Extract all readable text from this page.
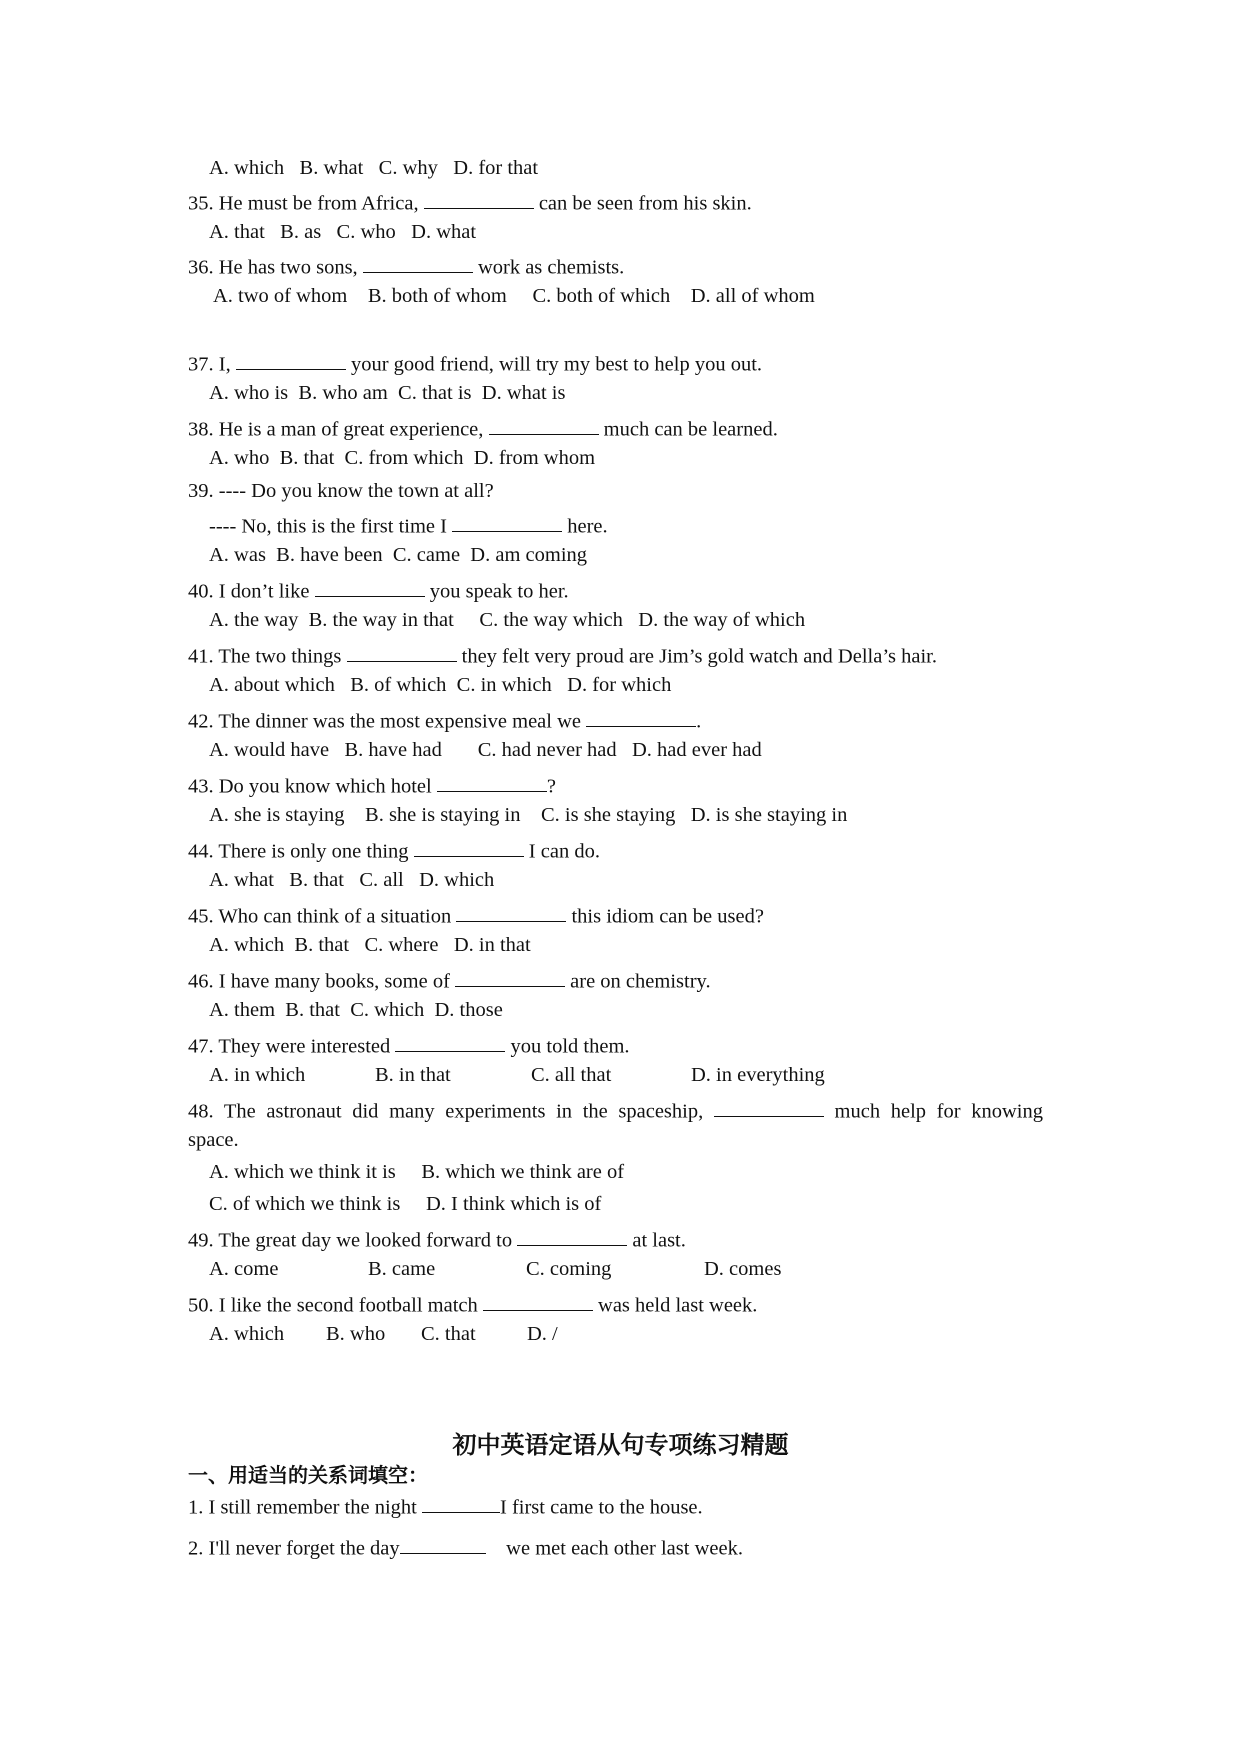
A. which   B. what   C. why   D. for that
35. He must be from Africa,	can be seen from his skin.
A. that   B. as   C. who   D. what
36. He has two sons,	work as chemists.
A. two of whom    B. both of whom     C. both of which    D. all of whom
37. I,	your good friend, will try my best to help you out.
A. who is  B. who am  C. that is  D. what is
38. He is a man of great experience,	much can be learned.
A. who  B. that  C. from which  D. from whom
39. ---- Do you know the town at all?
---- No, this is the first time I	here.
A. was  B. have been  C. came  D. am coming
40. I don’t like	you speak to her.
A. the way  B. the way in that     C. the way which   D. the way of which
41. The two things	they felt very proud are Jim’s gold watch and Della’s hair.
A. about which   B. of which  C. in which   D. for which
42. The dinner was the most expensive meal we	.
A. would have   B. have had       C. had never had   D. had ever had
43. Do you know which hotel	?
A. she is staying    B. she is staying in    C. is she staying   D. is she staying in
44. There is only one thing	I can do.
A. what   B. that   C. all   D. which
45. Who can think of a situation	this idiom can be used?
A. which  B. that   C. where   D. in that
46. I have many books, some of	are on chemistry.
A. them  B. that  C. which  D. those
47. They were interested	you told them.
A. in which	B. in that	C. all that	D. in everything
48. The astronaut did many experiments in the spaceship,	much help for knowing
space.
A. which we think it is     B. which we think are of
C. of which we think is     D. I think which is of
49. The great day we looked forward to	at last.
A. come	B. came	C. coming	D. comes
50. I like the second football match	was held last week.
A. which B. who C. that	D. /
初中英语定语从句专项练习精题
一、用适当的关系词填空：
1. I still remember the night	I first came to the house.
2. I'll never forget the day	we met each other last week.
